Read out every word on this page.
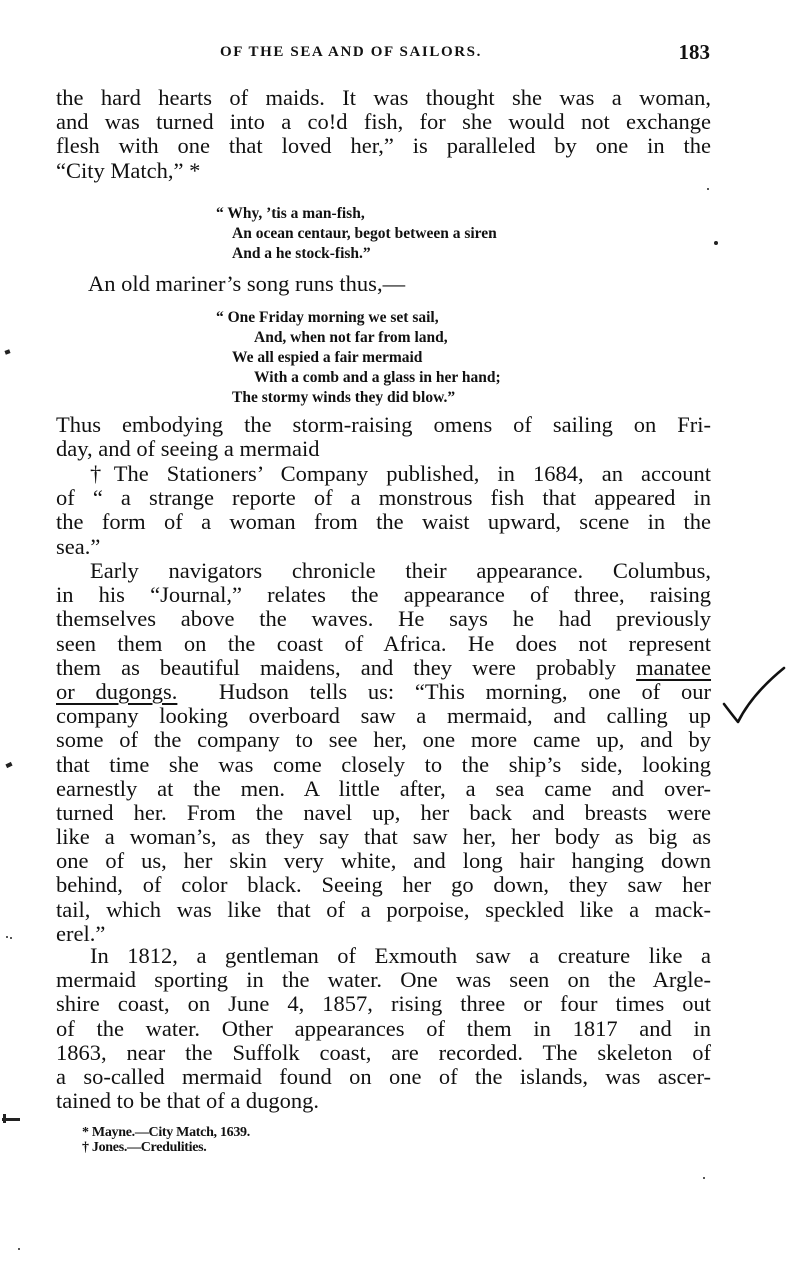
OF THE SEA AND OF SAILORS.	183
the hard hearts of maids. It was thought she was a woman,
and was turned into a co!d fish, for she would not exchange
flesh with one that loved her,” is paralleled by one in the
“City Match,” *
“ Why, ’tis a man-fish,
An ocean centaur, begot between a siren
And a he stock-fish.”
An old mariner’s song runs thus,—
“ One Friday morning we set sail,
And, when not far from land,
We all espied a fair mermaid
With a comb and a glass in her hand;
The stormy winds they did blow.”
Thus embodying the storm-raising omens of sailing on Fri-
day, and of seeing a mermaid
†The Stationers’ Company published, in 1684, an account
of “ a strange reporte of a monstrous fish that appeared in
the form of a woman from the waist upward, scene in the
sea.”
Early navigators chronicle their appearance. Columbus,
in his “Journal,” relates the appearance of three, raising
themselves above the waves. He says he had previously
seen them on the coast of Africa. He does not represent
them as beautiful maidens, and they were probably manatee
or dugongs. Hudson tells us: “This morning, one of our
company looking overboard saw a mermaid, and calling up
some of the company to see her, one more came up, and by
that time she was come closely to the ship’s side, looking
earnestly at the men. A little after, a sea came and over-
turned her. From the navel up, her back and breasts were
like a woman’s, as they say that saw her, her body as big as
one of us, her skin very white, and long hair hanging down
behind, of color black. Seeing her go down, they saw her
tail, which was like that of a porpoise, speckled like a mack-
erel.”
In 1812, a gentleman of Exmouth saw a creature like a
mermaid sporting in the water. One was seen on the Argle-
shire coast, on June 4, 1857, rising three or four times out
of the water. Other appearances of them in 1817 and in
1863, near the Suffolk coast, are recorded. The skeleton of
a so-called mermaid found on one of the islands, was ascer-
tained to be that of a dugong.
* Mayne.—City Match, 1639.
† Jones.—Credulities.
